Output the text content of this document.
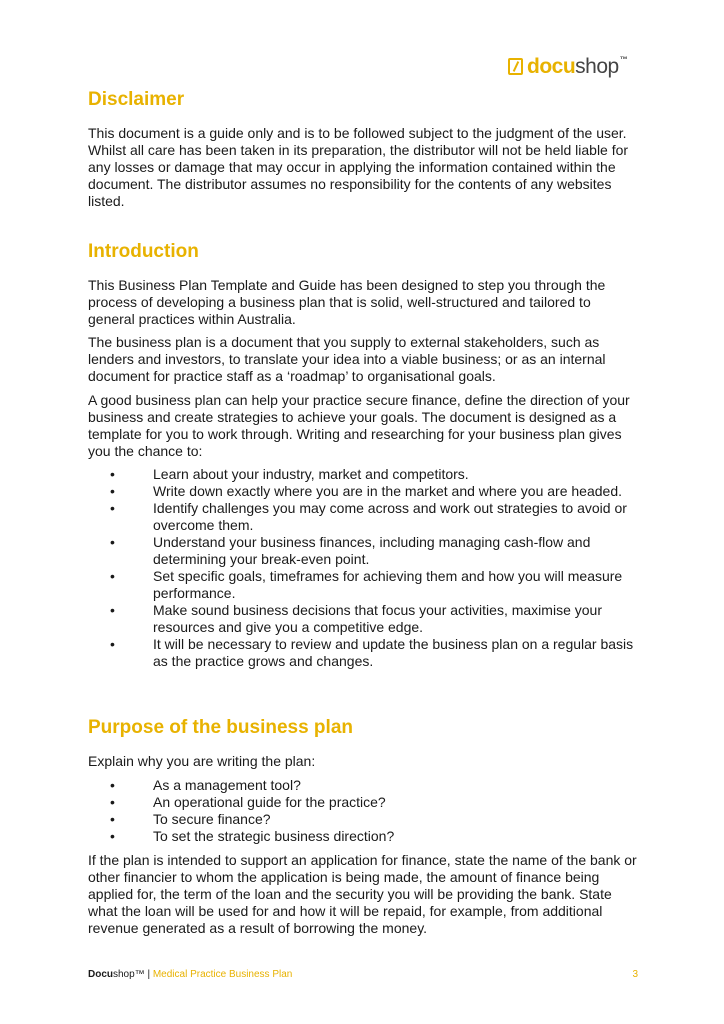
docushop™
Disclaimer

This document is a guide only and is to be followed subject to the judgment of the user. Whilst all care has been taken in its preparation, the distributor will not be held liable for any losses or damage that may occur in applying the information contained within the document. The distributor assumes no responsibility for the contents of any websites listed.

Introduction

This Business Plan Template and Guide has been designed to step you through the process of developing a business plan that is solid, well-structured and tailored to general practices within Australia.

The business plan is a document that you supply to external stakeholders, such as lenders and investors, to translate your idea into a viable business; or as an internal document for practice staff as a ‘roadmap’ to organisational goals.

A good business plan can help your practice secure finance, define the direction of your business and create strategies to achieve your goals. The document is designed as a template for you to work through. Writing and researching for your business plan gives you the chance to:

• Learn about your industry, market and competitors.
• Write down exactly where you are in the market and where you are headed.
• Identify challenges you may come across and work out strategies to avoid or overcome them.
• Understand your business finances, including managing cash-flow and determining your break-even point.
• Set specific goals, timeframes for achieving them and how you will measure performance.
• Make sound business decisions that focus your activities, maximise your resources and give you a competitive edge.
• It will be necessary to review and update the business plan on a regular basis as the practice grows and changes.
Purpose of the business plan

Explain why you are writing the plan:

• As a management tool?
• An operational guide for the practice?
• To secure finance?
• To set the strategic business direction?

If the plan is intended to support an application for finance, state the name of the bank or other financier to whom the application is being made, the amount of finance being applied for, the term of the loan and the security you will be providing the bank. State what the loan will be used for and how it will be repaid, for example, from additional revenue generated as a result of borrowing the money.

Docushop™ | Medical Practice Business Plan	3
